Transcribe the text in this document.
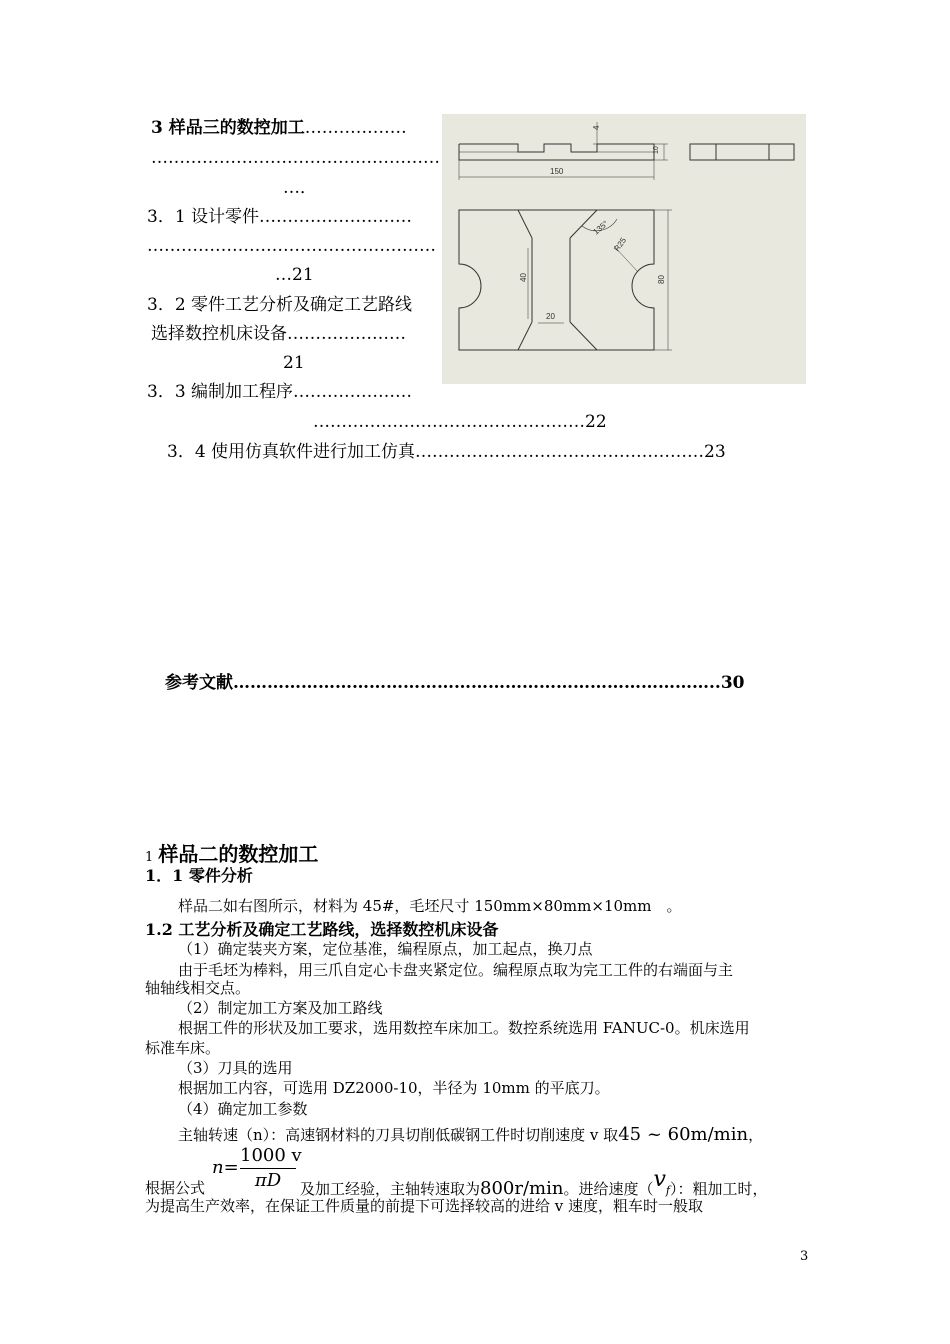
3 样品三的数控加工………………
……………………………………………
…．
3．1 设计零件………………………
……………………………………………
…21
3．2 零件工艺分析及确定工艺路线
选择数控机床设备…………………
21
3．3 编制加工程序…………………
…………………………………………22
3．4 使用仿真软件进行加工仿真……………………………………………23
参考文献…………………………………………………………………………..30
4
10
150
135°
R25
40
20
80
1 样品二的数控加工
1．1 零件分析
样品二如右图所示，材料为 45#，毛坯尺寸 150mm×80mm×10mm　。
1.2 工艺分析及确定工艺路线，选择数控机床设备
（1）确定装夹方案，定位基准，编程原点，加工起点，换刀点
由于毛坯为棒料，用三爪自定心卡盘夹紧定位。编程原点取为完工工件的右端面与主
轴轴线相交点。
（2）制定加工方案及加工路线
根据工件的形状及加工要求，选用数控车床加工。数控系统选用 FANUC-0。机床选用
标准车床。
（3）刀具的选用
根据加工内容，可选用 DZ2000-10，半径为 10mm 的平底刀。
（4）确定加工参数
主轴转速（n）：高速钢材料的刀具切削低碳钢工件时切削速度 v 取45 ~ 60m/min，
根据公式
$n= \frac{1000 v}{\pi D}$ 及加工经验，主轴转速取为800r/min。进给速度（vf）：粗加工时，
为提高生产效率，在保证工件质量的前提下可选择较高的进给 v 速度，粗车时一般取
3
